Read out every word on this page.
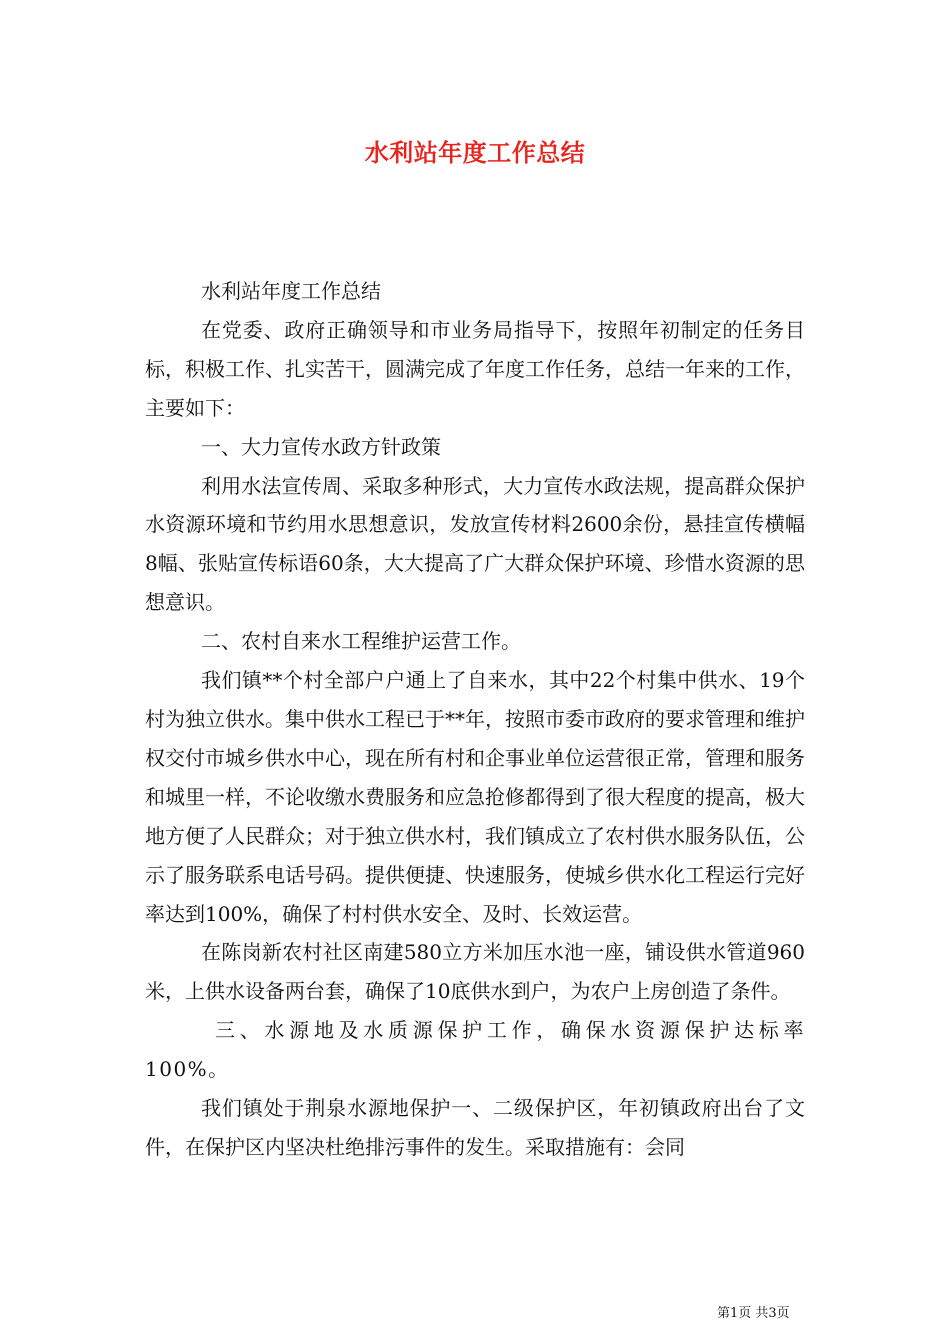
水利站年度工作总结

水利站年度工作总结

在党委、政府正确领导和市业务局指导下，按照年初制定的任务目标，积极工作、扎实苦干，圆满完成了年度工作任务，总结一年来的工作，主要如下：

一、大力宣传水政方针政策

利用水法宣传周、采取多种形式，大力宣传水政法规，提高群众保护水资源环境和节约用水思想意识，发放宣传材料2600余份，悬挂宣传横幅8幅、张贴宣传标语60条，大大提高了广大群众保护环境、珍惜水资源的思想意识。

二、农村自来水工程维护运营工作。

我们镇**个村全部户户通上了自来水，其中22个村集中供水、19个村为独立供水。集中供水工程已于**年，按照市委市政府的要求管理和维护权交付市城乡供水中心，现在所有村和企事业单位运营很正常，管理和服务和城里一样，不论收缴水费服务和应急抢修都得到了很大程度的提高，极大地方便了人民群众；对于独立供水村，我们镇成立了农村供水服务队伍，公示了服务联系电话号码。提供便捷、快速服务，使城乡供水化工程运行完好率达到100%，确保了村村供水安全、及时、长效运营。

在陈岗新农村社区南建580立方米加压水池一座，铺设供水管道960米，上供水设备两台套，确保了10底供水到户，为农户上房创造了条件。

三、水源地及水质源保护工作，确保水资源保护达标率100%。

我们镇处于荆泉水源地保护一、二级保护区，年初镇政府出台了文件，在保护区内坚决杜绝排污事件的发生。采取措施有：会同

第1页 共3页
